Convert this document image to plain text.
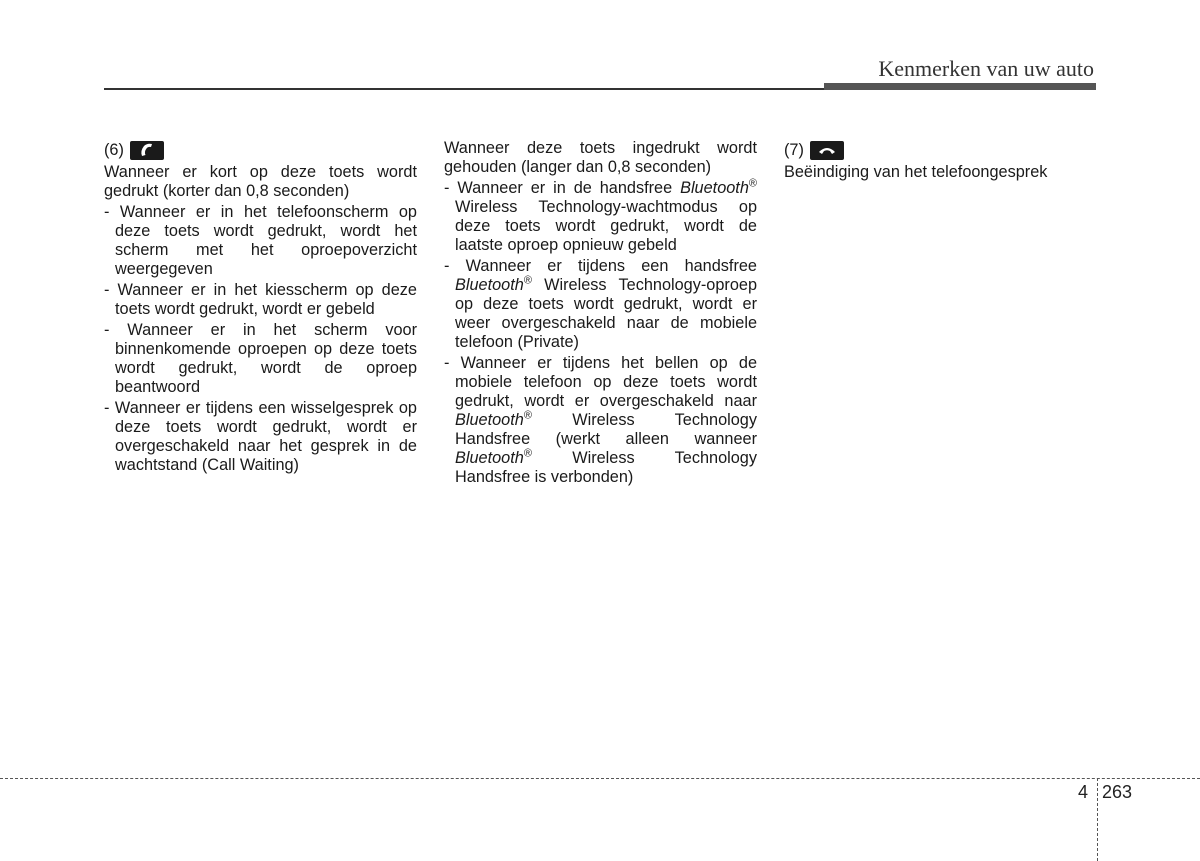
Kenmerken van uw auto
(6)

Wanneer er kort op deze toets wordt gedrukt (korter dan 0,8 seconden)

- Wanneer er in het telefoonscherm op deze toets wordt gedrukt, wordt het scherm met het oproepoverzicht weergegeven

- Wanneer er in het kiesscherm op deze toets wordt gedrukt, wordt er gebeld

- Wanneer er in het scherm voor binnenkomende oproepen op deze toets wordt gedrukt, wordt de oproep beantwoord

- Wanneer er tijdens een wisselgesprek op deze toets wordt gedrukt, wordt er overgeschakeld naar het gesprek in de wachtstand (Call Waiting)

Wanneer deze toets ingedrukt wordt gehouden (langer dan 0,8 seconden)

- Wanneer er in de handsfree Bluetooth® Wireless Technology-wachtmodus op deze toets wordt gedrukt, wordt de laatste oproep opnieuw gebeld

- Wanneer er tijdens een handsfree Bluetooth® Wireless Technology-oproep op deze toets wordt gedrukt, wordt er weer overgeschakeld naar de mobiele telefoon (Private)

- Wanneer er tijdens het bellen op de mobiele telefoon op deze toets wordt gedrukt, wordt er overgeschakeld naar Bluetooth® Wireless Technology Handsfree (werkt alleen wanneer Bluetooth® Wireless Technology Handsfree is verbonden)

(7)

Beëindiging van het telefoongesprek

4 263
